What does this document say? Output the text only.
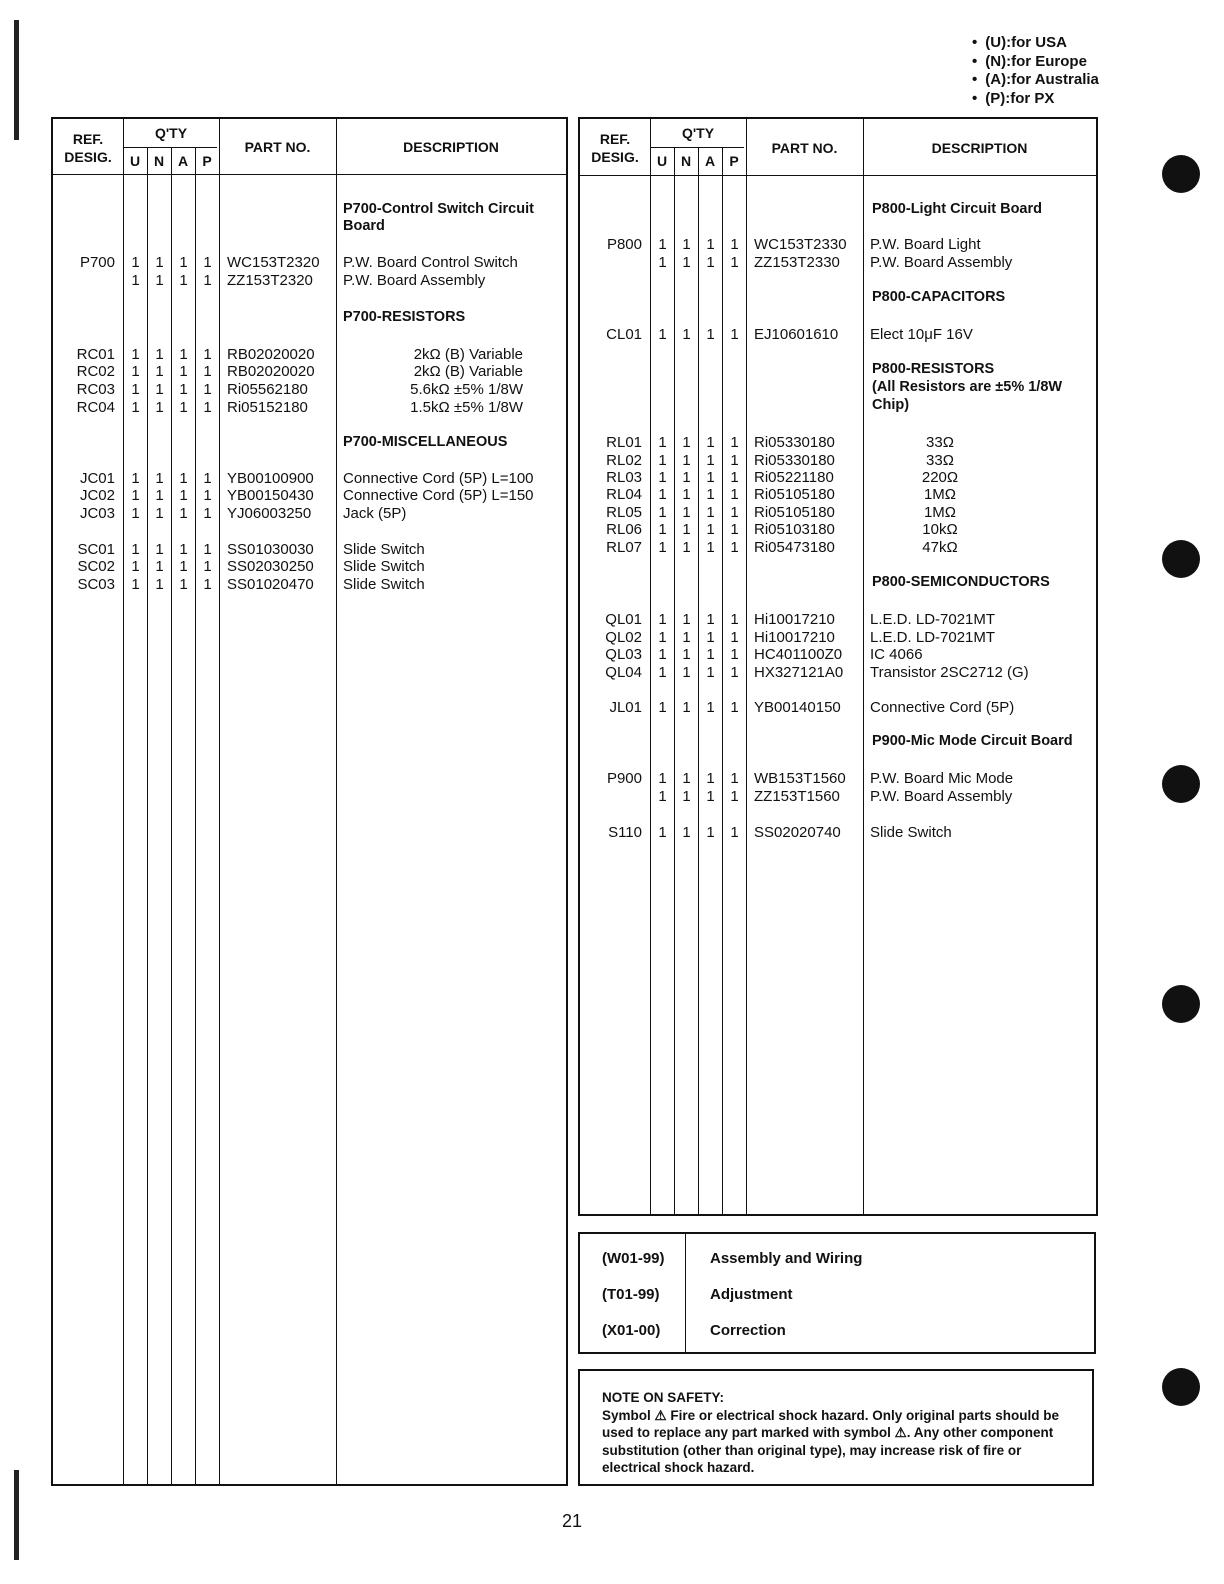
• (U):for USA
• (N):for Europe
• (A):for Australia
• (P):for PX
REF.
DESIG.
Q'TY
U N A	P
PART NO.	DESCRIPTION
P700-Control Switch Circuit Board
P700-RESISTORS
P700-MISCELLANEOUS
P700	1	1	1	1	WC153T2320 P.W. Board Control Switch
1	1	1	1	ZZ153T2320 P.W. Board Assembly
RC01	1	1	1	1	RB02020020	2kΩ (B) Variable
RC02	1	1	1	1	RB02020020	2kΩ (B) Variable
RC03	1	1	1	1	Ri05562180	5.6kΩ ±5% 1/8W
RC04	1	1	1	1	Ri05152180	1.5kΩ ±5% 1/8W
JC01	1	1	1	1	YB00100900 Connective Cord (5P) L=100
JC02	1	1	1	1	YB00150430 Connective Cord (5P) L=150
JC03	1	1	1	1	YJ06003250 Jack (5P)
SC01	1	1	1	1	SS01030030 Slide Switch
SC02	1	1	1	1	SS02030250 Slide Switch
SC03	1	1	1	1	SS01020470 Slide Switch
REF.
DESIG.
Q'TY
U N A	P
PART NO.	DESCRIPTION
P800-Light Circuit Board
P800-CAPACITORS
P800-RESISTORS
(All Resistors are ±5% 1/8W
Chip)
P800-SEMICONDUCTORS
P900-Mic Mode Circuit Board
P800	1	1	1	1	WC153T2330 P.W. Board Light
1	1	1	1	ZZ153T2330 P.W. Board Assembly
CL01	1	1	1	1	EJ10601610 Elect 10μF 16V
RL01	1	1	1	1	Ri05330180	33Ω
RL02	1	1	1	1	Ri05330180	33Ω
RL03	1	1	1	1	Ri05221180	220Ω
RL04	1	1	1	1	Ri05105180	1MΩ
RL05	1	1	1	1	Ri05105180	1MΩ
RL06	1	1	1	1	Ri05103180	10kΩ
RL07	1	1	1	1	Ri05473180	47kΩ
QL01	1	1	1	1	Hi10017210 L.E.D. LD-7021MT
QL02	1	1	1	1	Hi10017210 L.E.D. LD-7021MT
QL03	1	1	1	1	HC401100Z0 IC 4066
QL04	1	1	1	1	HX327121A0 Transistor 2SC2712 (G)
JL01	1	1	1	1	YB00140150 Connective Cord (5P)
P900	1	1	1	1	WB153T1560 P.W. Board Mic Mode
1	1	1	1	ZZ153T1560 P.W. Board Assembly
S110	1	1	1	1	SS02020740 Slide Switch
(W01-99)	Assembly and Wiring
(T01-99)	Adjustment
(X01-00)	Correction
NOTE ON SAFETY:
Symbol ⚠ Fire or electrical shock hazard. Only original parts should be used to replace any part marked with symbol ⚠. Any other component substitution (other than original type), may increase risk of fire or electrical shock hazard.
21
